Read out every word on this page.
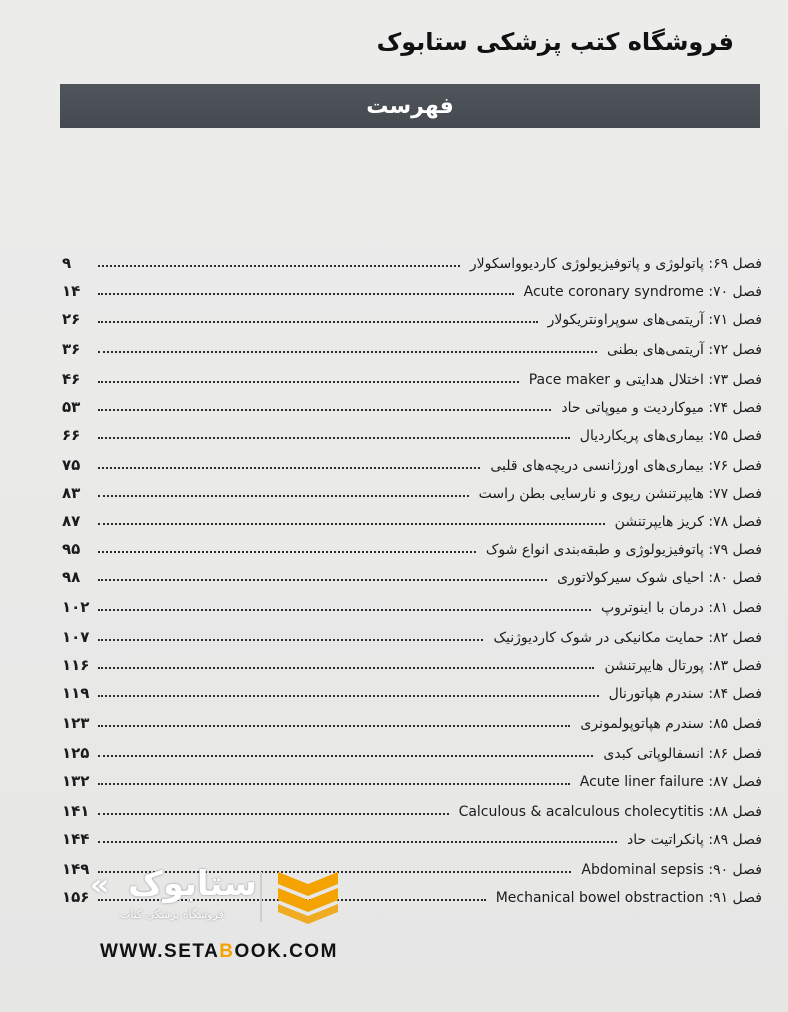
فروشگاه کتب پزشکی ستابوک
فهرست
فصل ۶۹: پاتولوژی و پاتوفیزیولوژی کاردیوواسکولار
۹
فصل ۷۰: Acute coronary syndrome
۱۴
فصل ۷۱: آریتمی‌های سوپراونتریکولار
۲۶
فصل ۷۲: آریتمی‌های بطنی
۳۶
فصل ۷۳: اختلال هدایتی و Pace maker
۴۶
فصل ۷۴: میوکاردیت و میوپاتی حاد
۵۳
فصل ۷۵: بیماری‌های پریکاردیال
۶۶
فصل ۷۶: بیماری‌های اورژانسی دریچه‌های قلبی
۷۵
فصل ۷۷: هایپرتنشن ریوی و نارسایی بطن راست
۸۳
فصل ۷۸: کریز هایپرتنشن
۸۷
فصل ۷۹: پاتوفیزیولوژی و طبقه‌بندی انواع شوک
۹۵
فصل ۸۰: احیای شوک سیرکولاتوری
۹۸
فصل ۸۱: درمان با اینوتروپ
۱۰۲
فصل ۸۲: حمایت مکانیکی در شوک کاردیوژنیک
۱۰۷
فصل ۸۳: پورتال هایپرتنشن
۱۱۶
فصل ۸۴: سندرم هپاتورنال
۱۱۹
فصل ۸۵: سندرم هپاتوپولمونری
۱۲۳
فصل ۸۶: انسفالوپاتی کبدی
۱۲۵
فصل ۸۷: Acute liner failure
۱۳۲
فصل ۸۸: Calculous & acalculous cholecytitis
۱۴۱
فصل ۸۹: پانکراتیت حاد
۱۴۴
فصل ۹۰: Abdominal sepsis
۱۴۹
فصل ۹۱: Mechanical bowel obstraction
۱۵۶ « ستابوک
فروشگاه پزشکی کتاب
WWW.SETABOOK.COM
